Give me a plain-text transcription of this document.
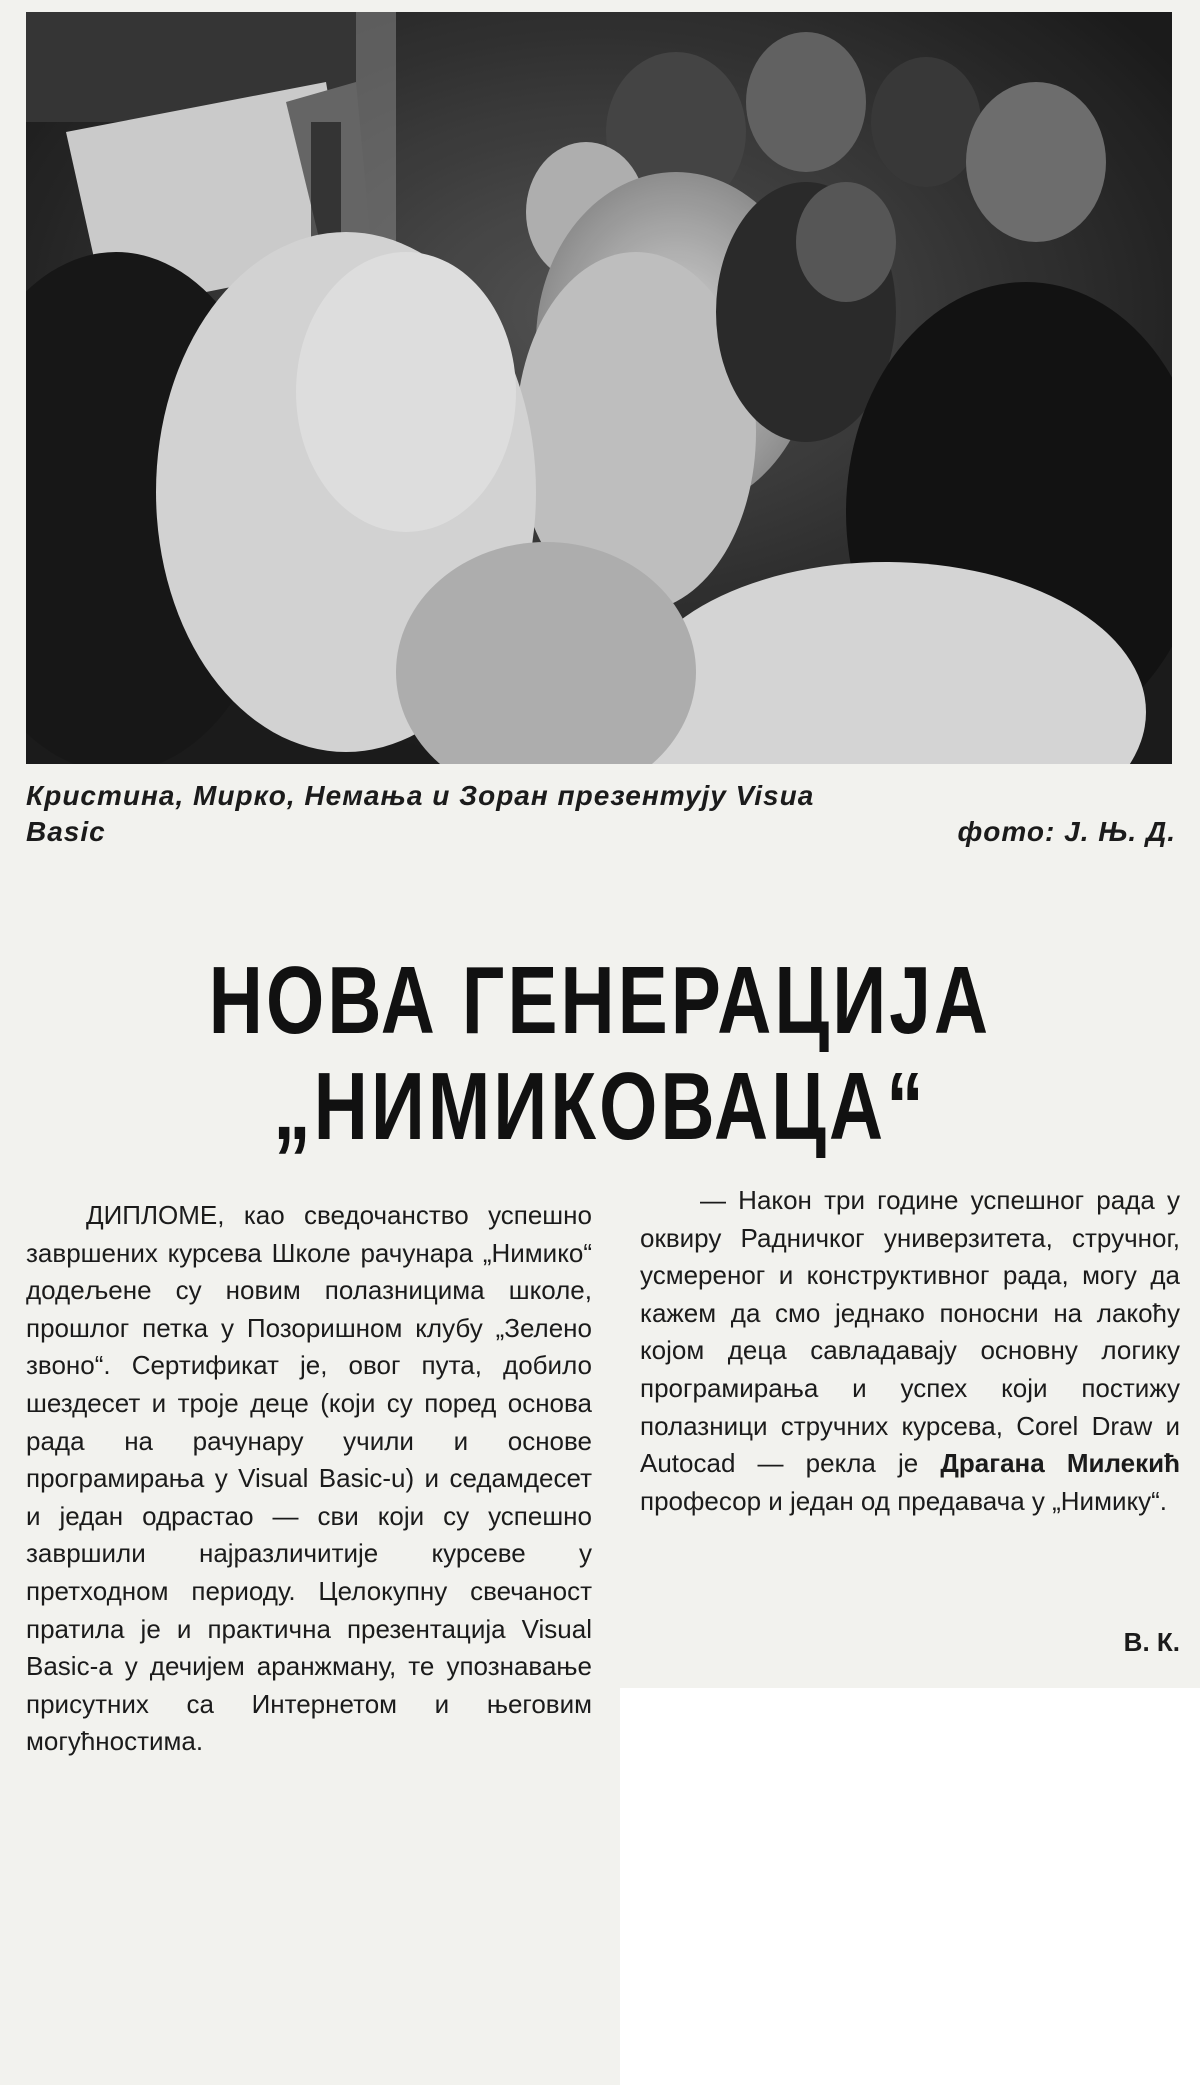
Кристина, Мирко, Немања и Зоран презентују Visua
Basic	фото: Ј. Њ. Д.
НОВА ГЕНЕРАЦИЈА
„НИМИКОВАЦА“
ДИПЛОМЕ, као сведочанство успешно завршених курсева Школе рачунара „Нимико“ додељене су новим полазницима школе, прошлог петка у Позоришном клубу „Зелено звоно“. Сертификат је, овог пута, добило шездесет и троје деце (који су поред основа рада на рачунару учили и основе програмирања у Visual Basic-u) и седамдесет и један одрастао — сви који су успешно завршили најразличитије курсеве у претходном периоду. Целокупну свечаност пратила је и практична презентација Visual Basic-a у дечијем аранжману, те упознавање присутних са Интернетом и његовим могућностима.
— Након три године успешног рада у оквиру Радничког универзитета, стручног, усмереног и конструктивног рада, могу да кажем да смо једнако поносни на лакоћу којом деца савладавају основну логику програмирања и успех који постижу полазници стручних курсева, Corel Draw и Autocad — рекла је Драгана Милекић професор и један од предавача у „Нимику“.
В. К.
